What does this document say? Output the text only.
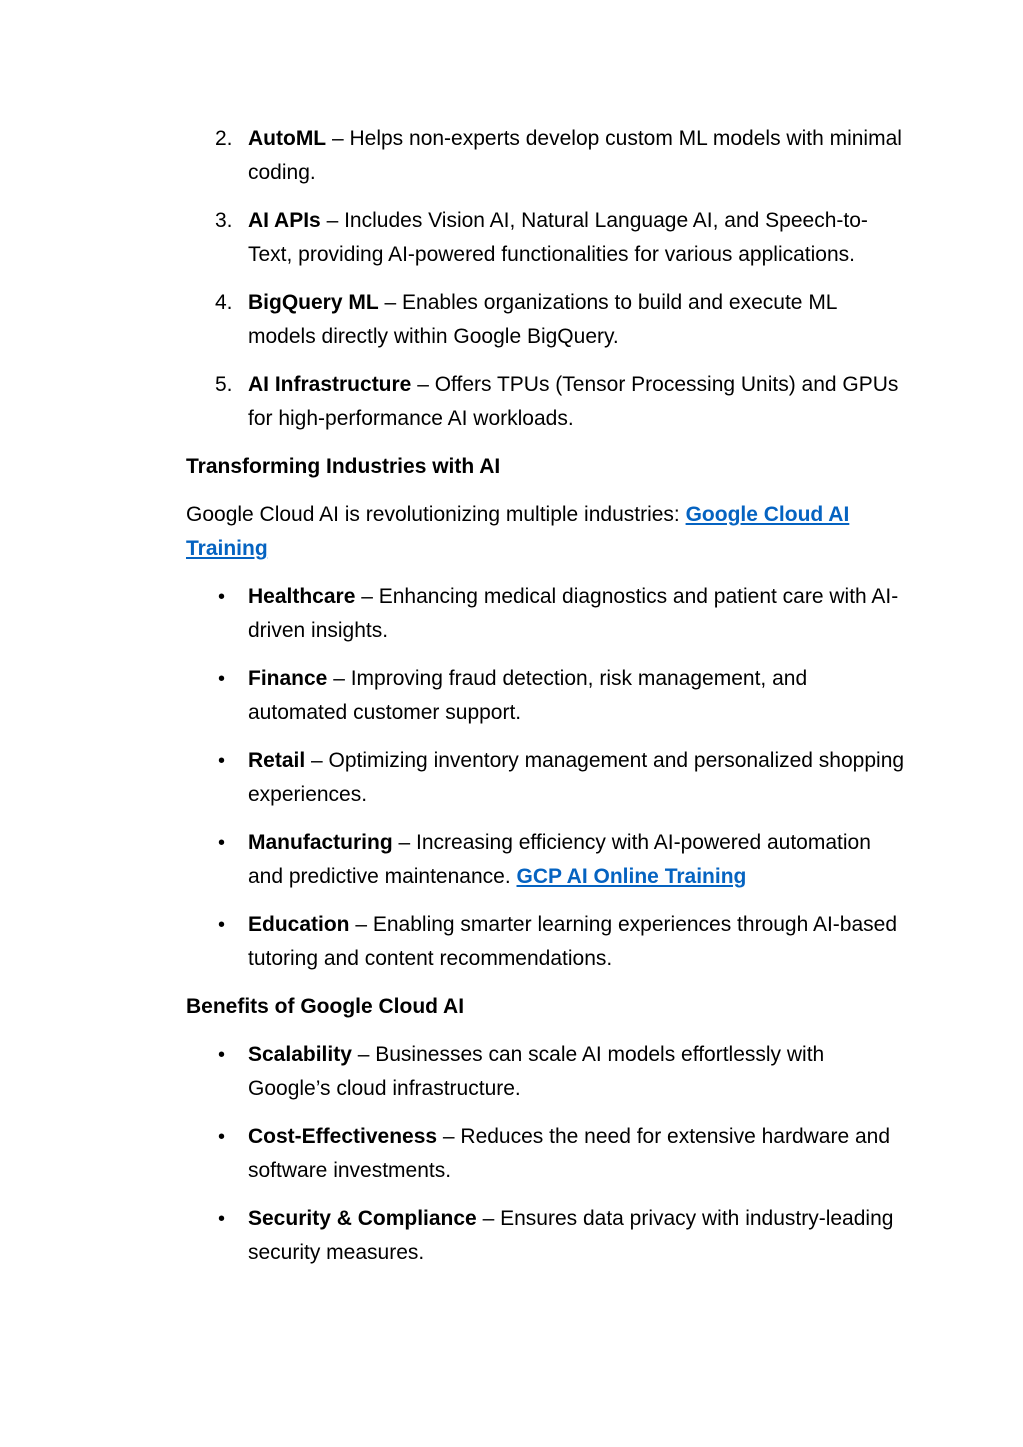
2. AutoML – Helps non-experts develop custom ML models with minimal coding.
3. AI APIs – Includes Vision AI, Natural Language AI, and Speech-to-Text, providing AI-powered functionalities for various applications.
4. BigQuery ML – Enables organizations to build and execute ML models directly within Google BigQuery.
5. AI Infrastructure – Offers TPUs (Tensor Processing Units) and GPUs for high-performance AI workloads.
Transforming Industries with AI

Google Cloud AI is revolutionizing multiple industries: Google Cloud AI Training

• Healthcare – Enhancing medical diagnostics and patient care with AI-driven insights.
• Finance – Improving fraud detection, risk management, and automated customer support.
• Retail – Optimizing inventory management and personalized shopping experiences.
• Manufacturing – Increasing efficiency with AI-powered automation and predictive maintenance. GCP AI Online Training
• Education – Enabling smarter learning experiences through AI-based tutoring and content recommendations.
Benefits of Google Cloud AI
• Scalability – Businesses can scale AI models effortlessly with Google’s cloud infrastructure.
• Cost-Effectiveness – Reduces the need for extensive hardware and software investments.
• Security & Compliance – Ensures data privacy with industry-leading security measures.
